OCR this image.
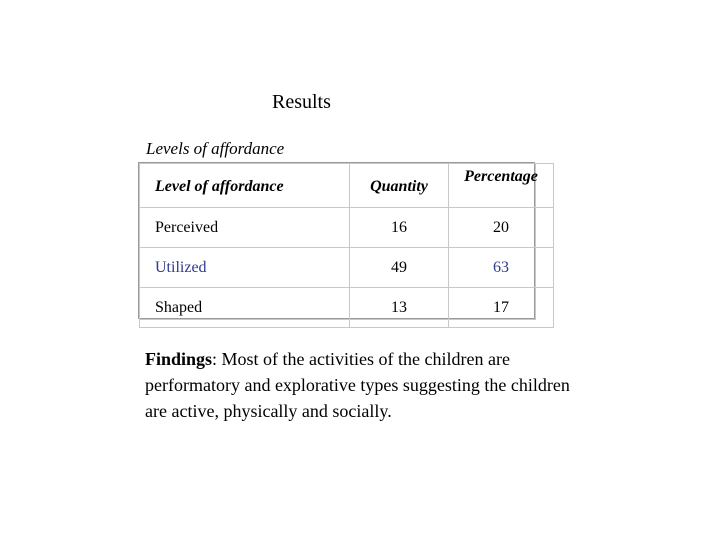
Results
Levels of affordance
Level of affordance	Quantity	Percentage
Perceived	16	20
Utilized	49	63
Shaped	13	17
Findings: Most of the activities of the children are performatory and explorative types suggesting the children are active, physically and socially.
